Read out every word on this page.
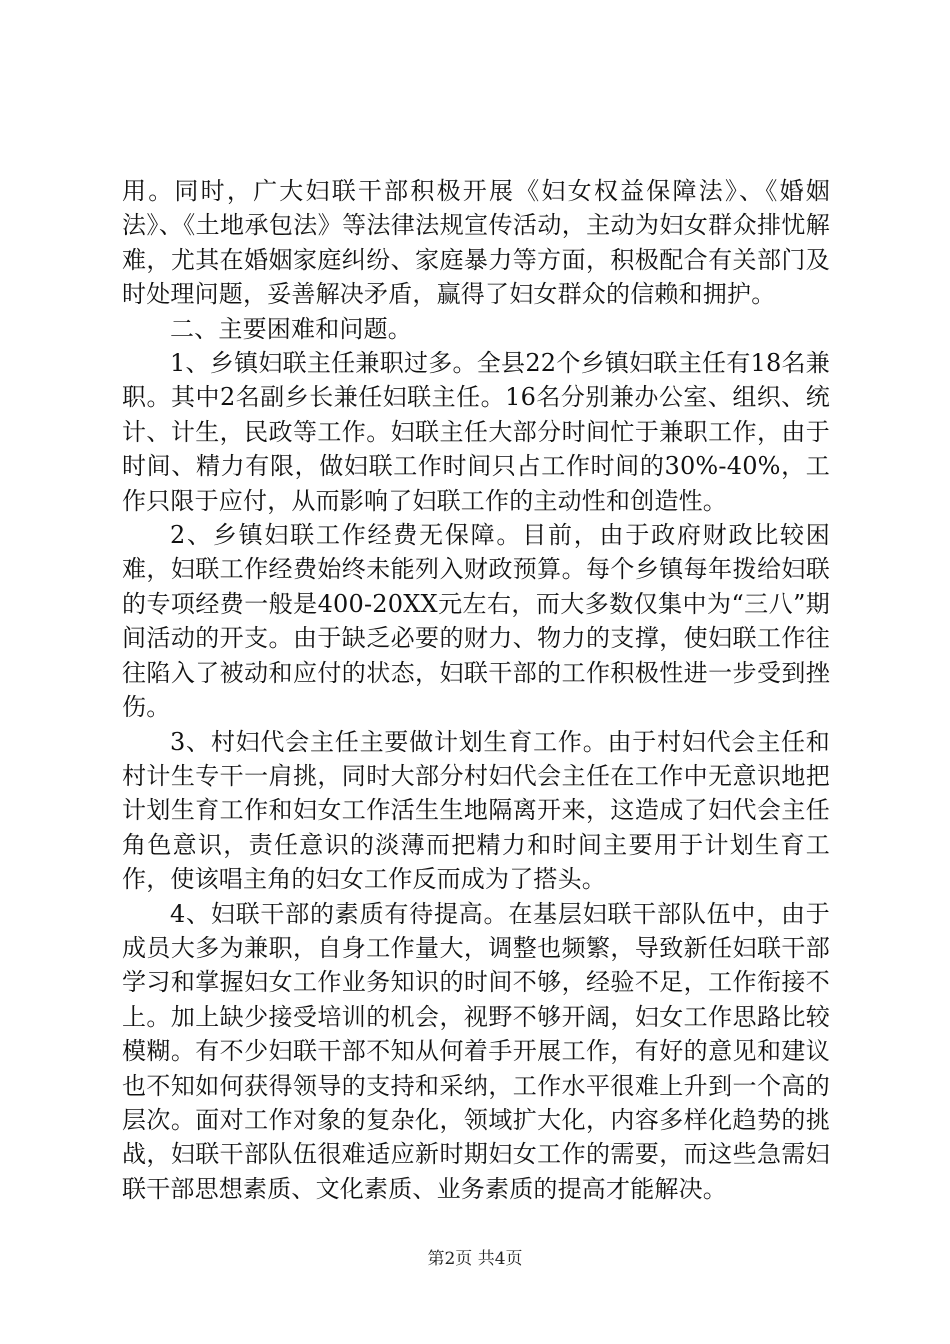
用。同时，广大妇联干部积极开展《妇女权益保障法》、《婚姻法》、《土地承包法》等法律法规宣传活动，主动为妇女群众排忧解难，尤其在婚姻家庭纠纷、家庭暴力等方面，积极配合有关部门及时处理问题，妥善解决矛盾，赢得了妇女群众的信赖和拥护。

二、主要困难和问题。

1、乡镇妇联主任兼职过多。全县22个乡镇妇联主任有18名兼职。其中2名副乡长兼任妇联主任。16名分别兼办公室、组织、统计、计生，民政等工作。妇联主任大部分时间忙于兼职工作，由于时间、精力有限，做妇联工作时间只占工作时间的30%-40%，工作只限于应付，从而影响了妇联工作的主动性和创造性。

2、乡镇妇联工作经费无保障。目前，由于政府财政比较困难，妇联工作经费始终未能列入财政预算。每个乡镇每年拨给妇联的专项经费一般是400-20XX元左右，而大多数仅集中为“三八”期间活动的开支。由于缺乏必要的财力、物力的支撑，使妇联工作往往陷入了被动和应付的状态，妇联干部的工作积极性进一步受到挫伤。

3、村妇代会主任主要做计划生育工作。由于村妇代会主任和村计生专干一肩挑，同时大部分村妇代会主任在工作中无意识地把计划生育工作和妇女工作活生生地隔离开来，这造成了妇代会主任角色意识，责任意识的淡薄而把精力和时间主要用于计划生育工作，使该唱主角的妇女工作反而成为了搭头。

4、妇联干部的素质有待提高。在基层妇联干部队伍中，由于成员大多为兼职，自身工作量大，调整也频繁，导致新任妇联干部学习和掌握妇女工作业务知识的时间不够，经验不足，工作衔接不上。加上缺少接受培训的机会，视野不够开阔，妇女工作思路比较模糊。有不少妇联干部不知从何着手开展工作，有好的意见和建议也不知如何获得领导的支持和采纳，工作水平很难上升到一个高的层次。面对工作对象的复杂化，领域扩大化，内容多样化趋势的挑战，妇联干部队伍很难适应新时期妇女工作的需要，而这些急需妇联干部思想素质、文化素质、业务素质的提高才能解决。

第2页 共4页
